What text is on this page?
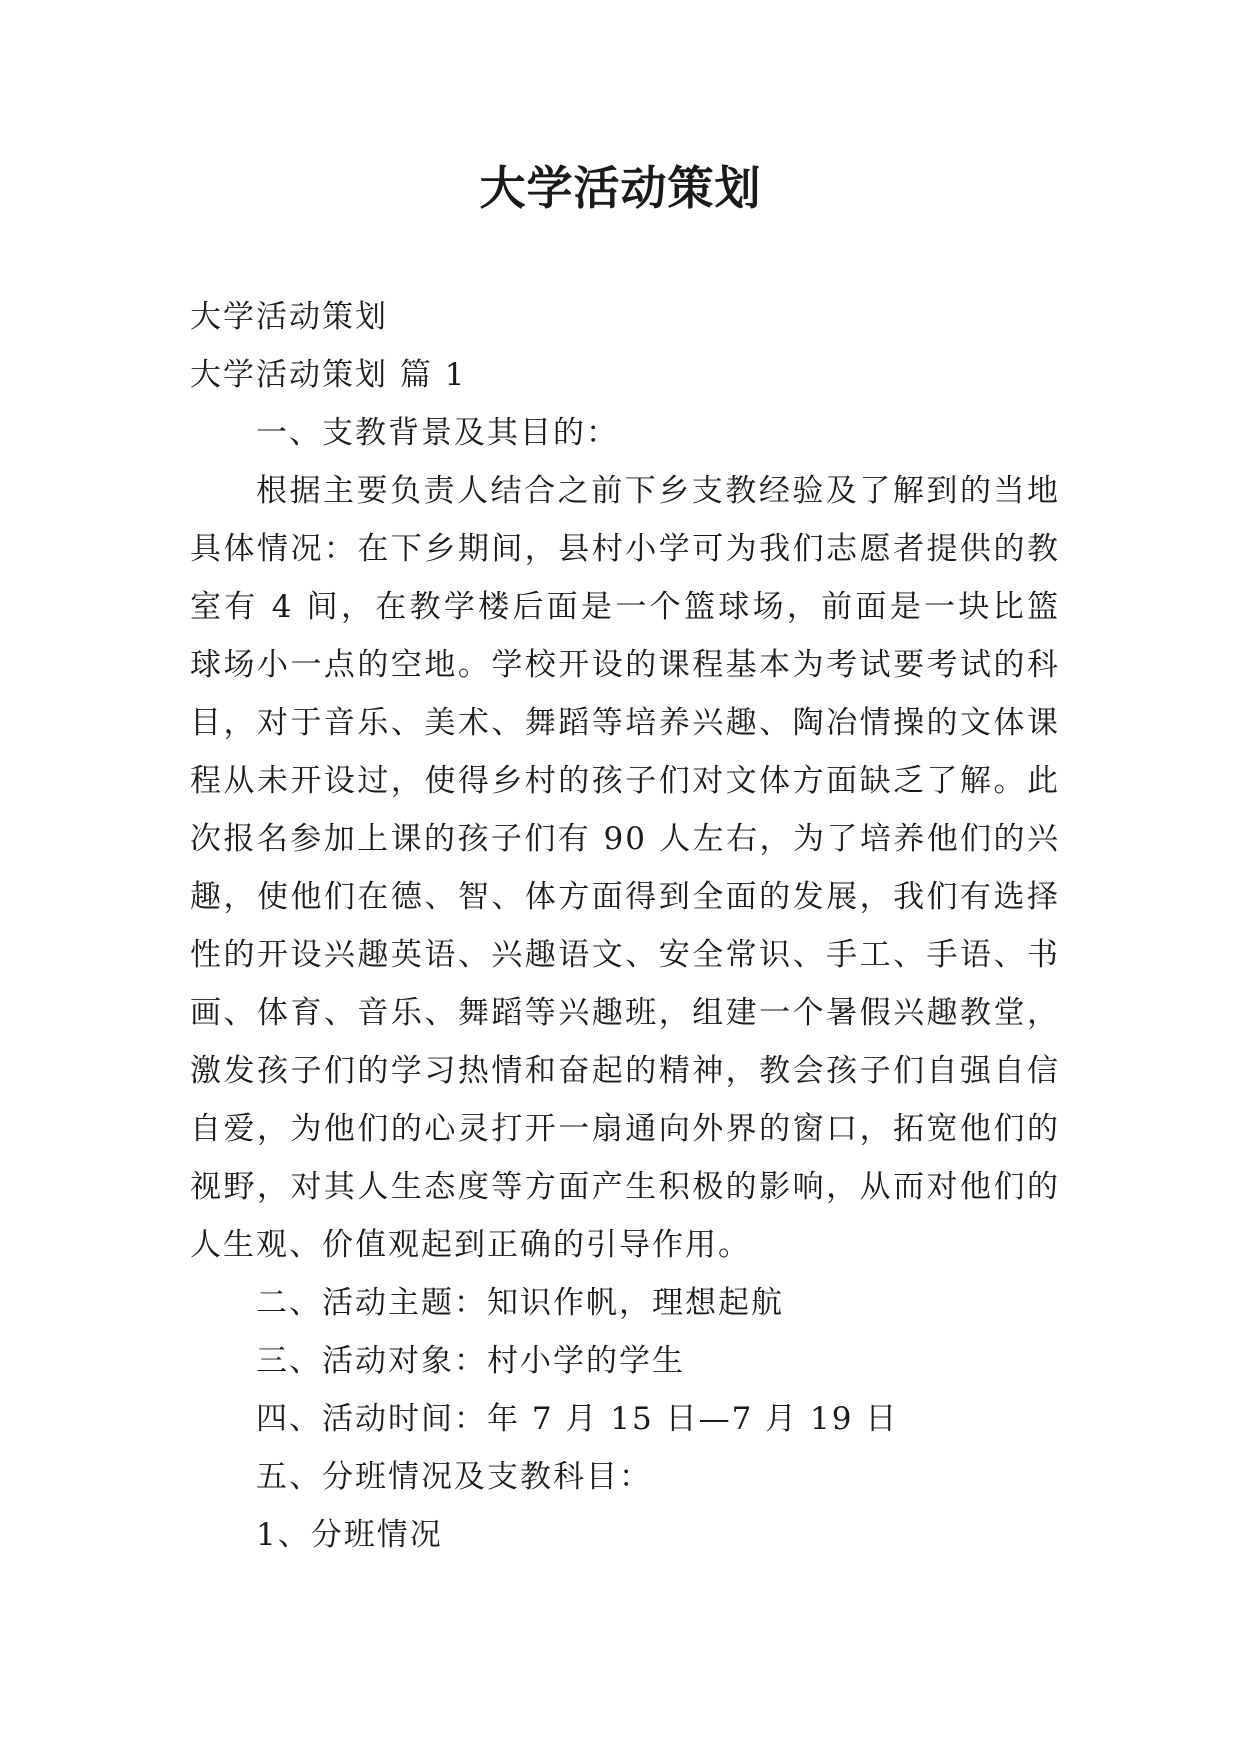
大学活动策划

大学活动策划

大学活动策划 篇 1

一、支教背景及其目的：

根据主要负责人结合之前下乡支教经验及了解到的当地具体情况：在下乡期间，县村小学可为我们志愿者提供的教室有 4 间，在教学楼后面是一个篮球场，前面是一块比篮球场小一点的空地。学校开设的课程基本为考试要考试的科目，对于音乐、美术、舞蹈等培养兴趣、陶冶情操的文体课程从未开设过，使得乡村的孩子们对文体方面缺乏了解。此次报名参加上课的孩子们有 90 人左右，为了培养他们的兴趣，使他们在德、智、体方面得到全面的发展，我们有选择性的开设兴趣英语、兴趣语文、安全常识、手工、手语、书画、体育、音乐、舞蹈等兴趣班，组建一个暑假兴趣教堂，激发孩子们的学习热情和奋起的精神，教会孩子们自强自信自爱，为他们的心灵打开一扇通向外界的窗口，拓宽他们的视野，对其人生态度等方面产生积极的影响，从而对他们的人生观、价值观起到正确的引导作用。

二、活动主题：知识作帆，理想起航

三、活动对象：村小学的学生

四、活动时间：年 7 月 15 日—7 月 19 日

五、分班情况及支教科目：

1、分班情况
